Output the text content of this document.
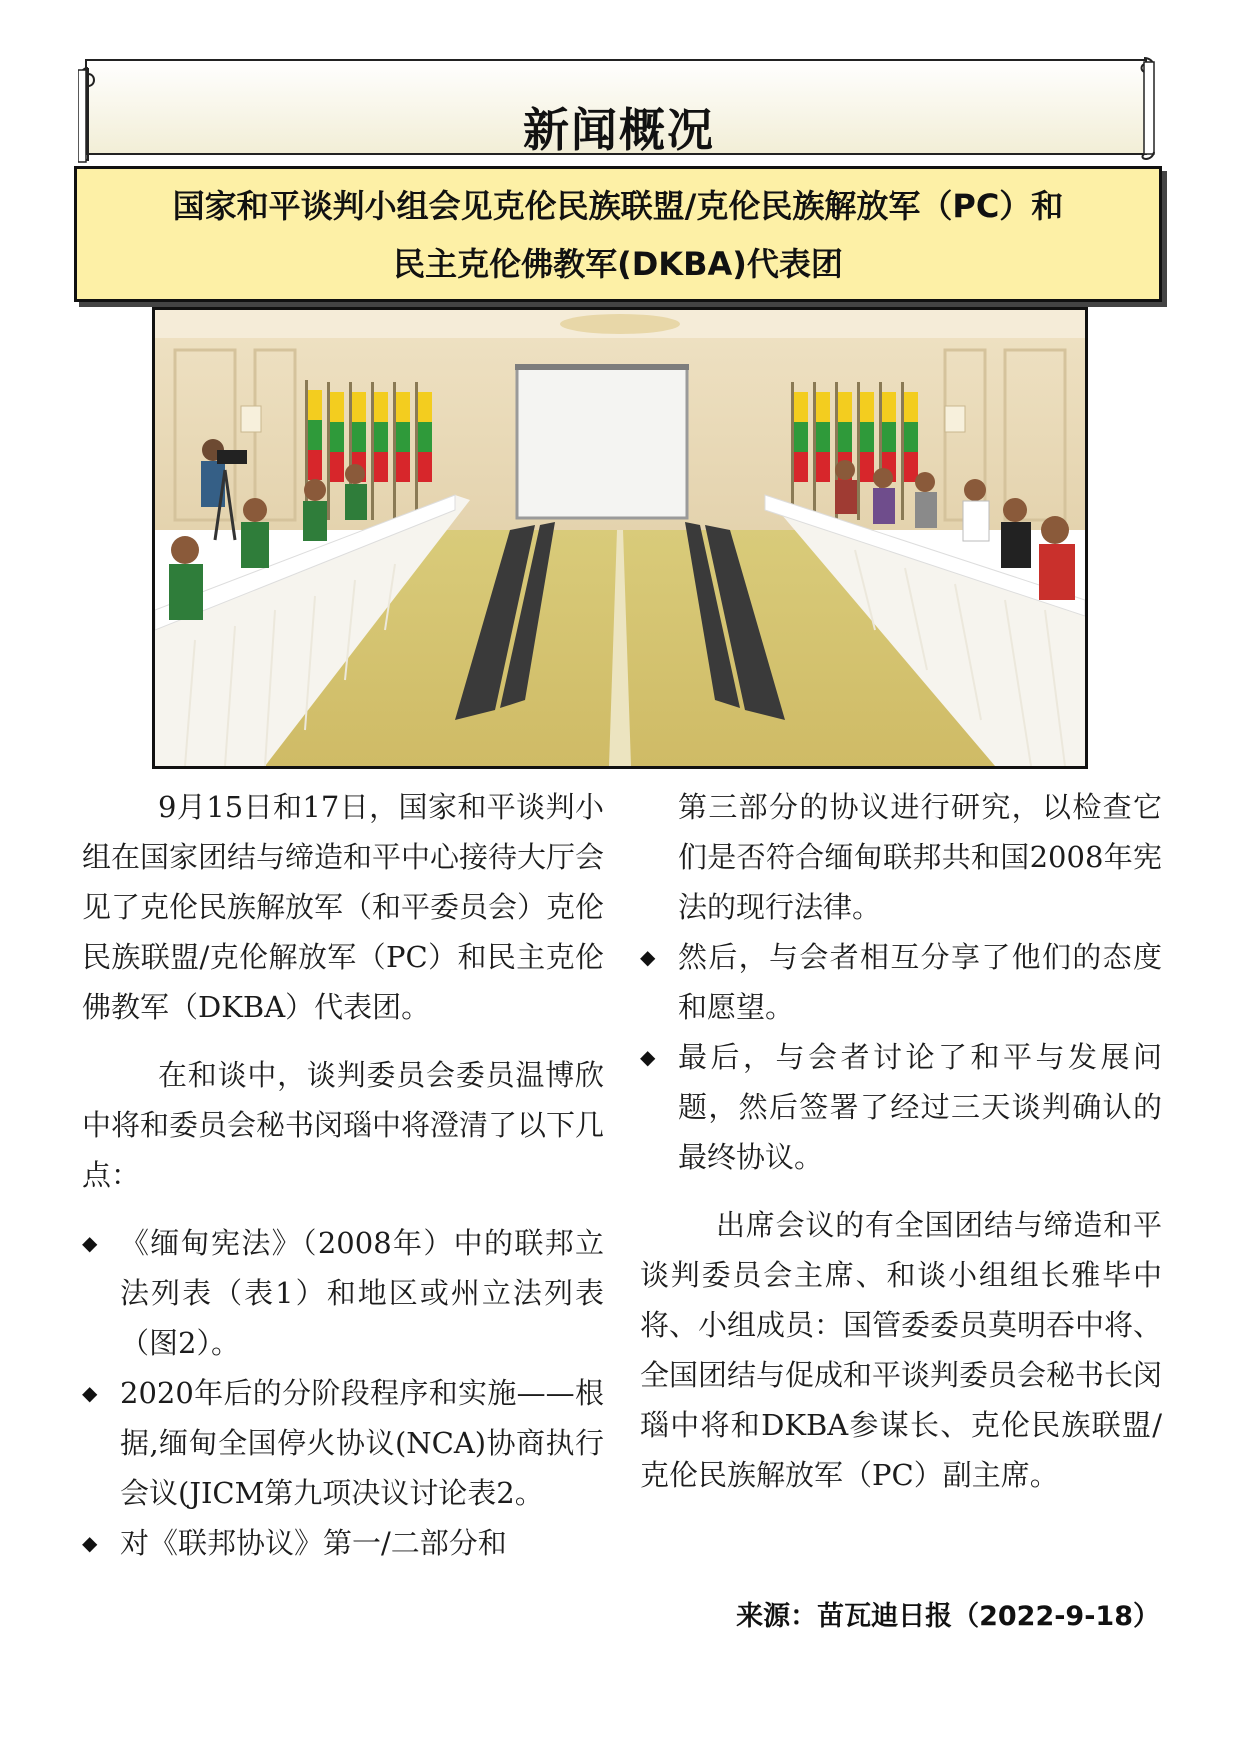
新闻概况
国家和平谈判小组会见克伦民族联盟/克伦民族解放军（PC）和
民主克伦佛教军(DKBA)代表团

9月15日和17日，国家和平谈判小组在国家团结与缔造和平中心接待大厅会见了克伦民族解放军（和平委员会）克伦民族联盟/克伦解放军（PC）和民主克伦佛教军（DKBA）代表团。

在和谈中，谈判委员会委员温博欣中将和委员会秘书闵瑙中将澄清了以下几点：

◆ 《缅甸宪法》（2008年）中的联邦立法列表（表1）和地区或州立法列表（图2）。
◆ 2020年后的分阶段程序和实施——根据,缅甸全国停火协议(NCA)协商执行会议(JICM第九项决议讨论表2。
◆ 对《联邦协议》第一/二部分和

第三部分的协议进行研究，以检查它们是否符合缅甸联邦共和国2008年宪法的现行法律。

◆ 然后，与会者相互分享了他们的态度和愿望。
◆ 最后，与会者讨论了和平与发展问题，然后签署了经过三天谈判确认的最终协议。

出席会议的有全国团结与缔造和平谈判委员会主席、和谈小组组长雅毕中将、小组成员：国管委委员莫明吞中将、全国团结与促成和平谈判委员会秘书长闵瑙中将和DKBA参谋长、克伦民族联盟/克伦民族解放军（PC）副主席。

来源：苗瓦迪日报（2022-9-18）
